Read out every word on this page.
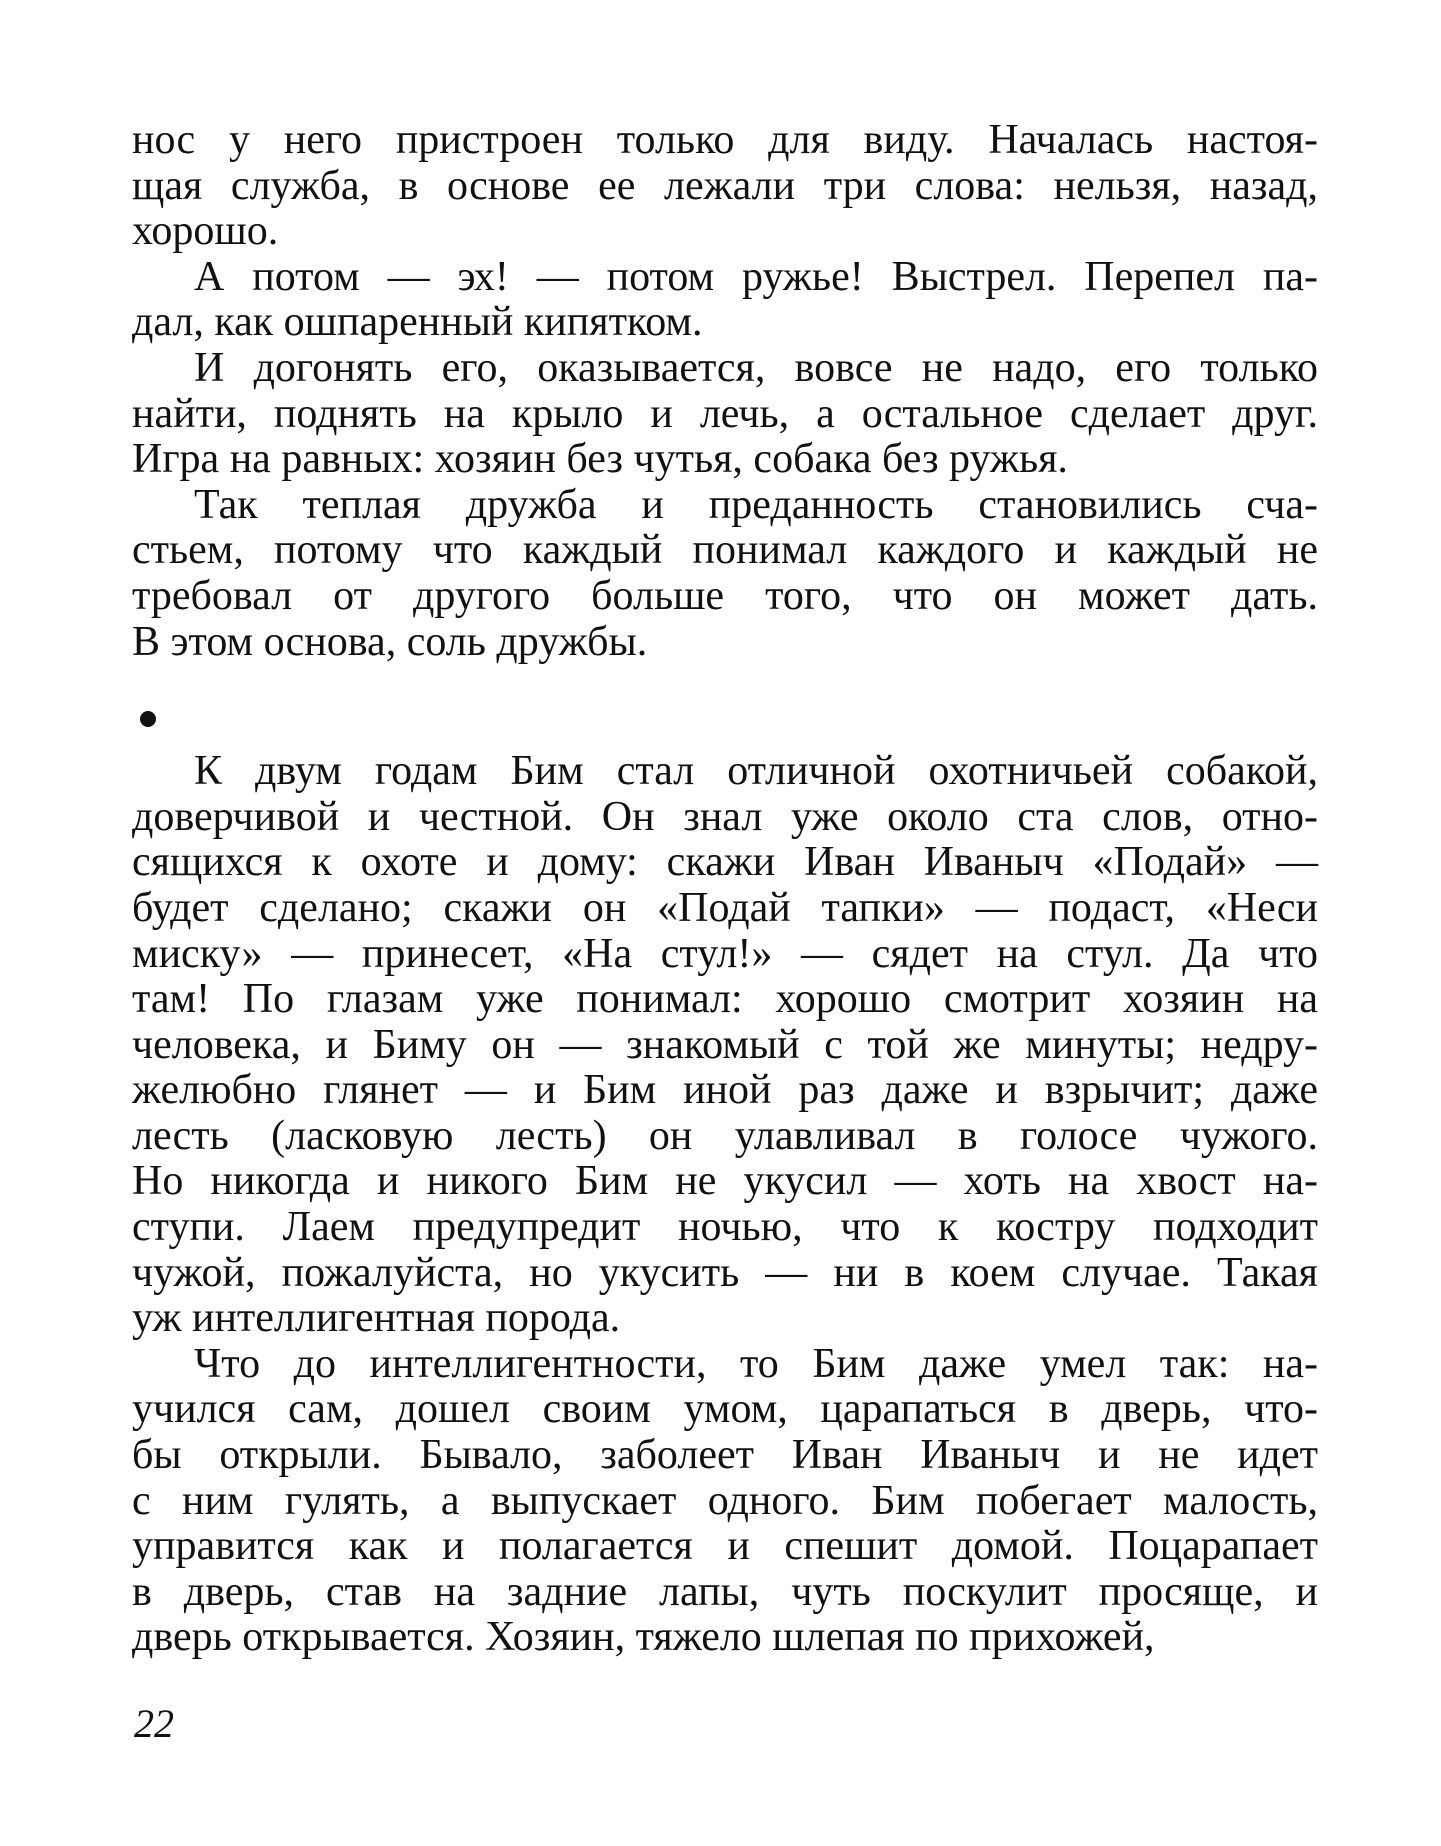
нос у него пристроен только для виду. Началась настоя-
щая служба, в основе ее лежали три слова: нельзя, назад,
хорошо.

А потом — эх! — потом ружье! Выстрел. Перепел па-
дал, как ошпаренный кипятком.

И догонять его, оказывается, вовсе не надо, его только
найти, поднять на крыло и лечь, а остальное сделает друг.
Игра на равных: хозяин без чутья, собака без ружья.

Так теплая дружба и преданность становились сча-
стьем, потому что каждый понимал каждого и каждый не
требовал от другого больше того, что он может дать.
В этом основа, соль дружбы.

К двум годам Бим стал отличной охотничьей собакой,
доверчивой и честной. Он знал уже около ста слов, отно-
сящихся к охоте и дому: скажи Иван Иваныч «Подай» —
будет сделано; скажи он «Подай тапки» — подаст, «Неси
миску» — принесет, «На стул!» — сядет на стул. Да что
там! По глазам уже понимал: хорошо смотрит хозяин на
человека, и Биму он — знакомый с той же минуты; недру-
желюбно глянет — и Бим иной раз даже и взрычит; даже
лесть (ласковую лесть) он улавливал в голосе чужого.
Но никогда и никого Бим не укусил — хоть на хвост на-
ступи. Лаем предупредит ночью, что к костру подходит
чужой, пожалуйста, но укусить — ни в коем случае. Такая
уж интеллигентная порода.

Что до интеллигентности, то Бим даже умел так: на-
учился сам, дошел своим умом, царапаться в дверь, что-
бы открыли. Бывало, заболеет Иван Иваныч и не идет
с ним гулять, а выпускает одного. Бим побегает малость,
управится как и полагается и спешит домой. Поцарапает
в дверь, став на задние лапы, чуть поскулит просяще, и
дверь открывается. Хозяин, тяжело шлепая по прихожей,

22
